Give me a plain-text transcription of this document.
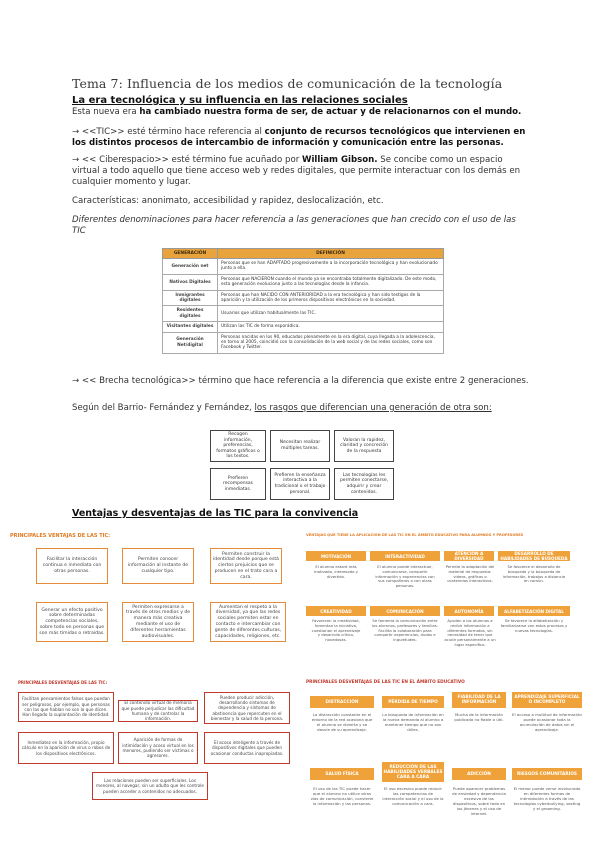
Tema 7: Influencia de los medios de comunicación de la tecnología
La era tecnológica y su influencia en las relaciones sociales
Esta nueva era ha cambiado nuestra forma de ser, de actuar y de relacionarnos con el mundo.
→ <<TIC>> esté término hace referencia al conjunto de recursos tecnológicos que intervienen en los distintos procesos de intercambio de información y comunicación entre las personas.
→ << Ciberespacio>> esté término fue acuñado por William Gibson. Se concibe como un espacio virtual a todo aquello que tiene acceso web y redes digitales, que permite interactuar con los demás en cualquier momento y lugar.
Características: anonimato, accesibilidad y rapidez, deslocalización, etc.
Diferentes denominaciones para hacer referencia a las generaciones que han crecido con el uso de las TIC
GENERACIÓN	DEFINICIÓN
Generación net	Personas que se han ADAPTADO progresivamente a la incorporación tecnológica y han evolucionado junto a ella.
Nativos Digitales	Personas que NACIERON cuando el mundo ya se encontraba totalmente digitalizado. De este modo, esta generación evoluciona junto a las tecnologías desde la infancia.
Inmigrantes digitales	Personas que han NACIDO CON ANTERIORIDAD a la era tecnológica y han sido testigos de la aparición y la utilización de los primeros dispositivos electrónicos en la sociedad.
Residentes digitales	Usuarios que utilizan habitualmente las TIC.
Visitantes digitales	Utilizan las TIC de forma esporádica.
Generación Net/digital	Personas nacidas en los 90, educados plenamente en la era digital, cuya llegada a la adolescencia, en torno al 2005, coincidió con la consolidación de la web social y de las redes sociales, como son Facebook y Twitter.
→ << Brecha tecnológica>> término que hace referencia a la diferencia que existe entre 2 generaciones.
Según del Barrio- Fernández y Fernández, los rasgos que diferencian una generación de otra son:
Recogen información, preferencias, formatos gráficos o los textos.
Necesitan realizar múltiples tareas.
Valoran la rapidez, claridad y concreción de la respuesta
Prefieren recompensas inmediatas.
Prefieren la enseñanza interactiva a la tradicional o el trabajo personal.
Las tecnologías les permiten conectarse, adquirir y crear contenidos.
Ventajas y desventajas de las TIC para la convivencia
PRINCIPALES VENTAJAS DE LAS TIC:
Facilitar la interacción continua e inmediata con otras personas.
Permiten conocer información al instante de cualquier tipo.
Permiten construir la identidad desde porque está ciertos prejuicios que se producen en el trato cara a cara.
Generar un efecto positivo sobre determinadas competencias sociales, sobre todo en personas que son más tímidas o retraídas.
Permiten expresarse a través de otros medios y de manera más creativa mediante el uso de diferentes herramientas audiovisuales.
Aumentan el respeto a la diversidad, ya que las redes sociales permiten estar en contacto e intercambiar con gente de diferentes culturas, capacidades, religiones, etc.
VENTAJAS QUE TIENE LA APLICACIÓN DE LAS TIC EN EL ÁMBITO EDUCATIVO PARA ALUMNOS Y PROFESORES
MOTIVACIÓN	INTERACTIVIDAD	ATENCIÓN A DIVERSIDAD
DESARROLLO DE HABILIDADES DE BÚSQUEDA
El alumno estará más motivado, interesado y divertido.
El alumno puede interactuar, comunicarse, compartir información y experiencias con sus compañeros o con otras personas.
Permite la adaptación del material de respuesta: videos, gráficos o contenidos interactivos.
Se favorece el desarrollo de búsqueda y la búsqueda de información, trabajos a distancia en común.
CREATIVIDAD	COMUNICACIÓN	AUTONOMÍA	ALFABETIZACIÓN DIGITAL
Favorecen la creatividad, fomentan la iniciativa, cuestionan el aprendizaje y desarrollo crítico, novedosas.
Se fomenta la comunicación entre los alumnos, profesores y familias. Facilita la colaboración para compartir experiencias, dudas e inquietudes.
Ayudan a los alumnos a recibir información a diferentes formatos, sin necesidad de tener que acudir personalmente a un lugar específico.
Se favorece la alfabetización y familiarizarse con estos procesos y nuevas tecnologías.
PRINCIPALES DESVENTAJAS DE LAS TIC:
Facilitan pensamientos falsos que puedan ser peligrosos, por ejemplo, que personas con las que hablan no son lo que dicen. Han llegado la suplantación de identidad.
El contenido virtual de memoria que puede perjudicar las dificultad humana y de controlar la información.
Pueden producir adicción, desarrollando síntomas de dependencia y síntomas de abstinencia que repercuten en el bienestar y la salud de la persona.
Inmediatez en la información, propio cálculo en la aparición de virus o robos de los dispositivos electrónicos.
Aparición de formas de intimidación y acoso virtual en los menores, pudiendo ser víctimas o agresores.
El acoso inteligente a través de dispositivos digitales que pueden ocasionar conductas inapropiadas.
Las relaciones pueden ser superficiales. Los menores, al navegar, sin un adulto que les controle pueden acceder a contenidos no adecuados.
PRINCIPALES DESVENTAJAS DE LAS TIC EN EL ÁMBITO EDUCATIVO
DISTRACCIÓN	PÉRDIDA DE TIEMPO
FIABILIDAD DE LA INFORMACIÓN
APRENDIZAJE SUPERFICIAL O INCOMPLETO
La distracción constante en el entorno de la red ocasiona que el alumno se divierta y se desvíe de su aprendizaje.
La búsqueda de información en la nueva demanda al alumno a mantener tiempo que no son útiles.
Mucha de la información publicada no fiable o útil.
El acceso a multitud de información puede ocasionar toda la acumulación de datos sin el aprendizaje.
SALUD FÍSICA
REDUCCIÓN DE LAS HABILIDADES VERBALES CARA A CARA
ADICCIÓN	RIESGOS COMUNITARIOS
El uso de las TIC puede hacer que el alumno no utilice otras vías de comunicación, convierte la información y las personas.
El uso excesivo puede reducir las competencias de interacción social y el uso de la comunicación a cara.
Puede aparecer problemas de ansiedad y dependencia excesiva de los dispositivos, sobre todo en los jóvenes y el uso de internet.
El menor puede verse involucrado en diferentes formas de intimidación a través de las tecnologías cyberbullying, sexting y el grooming.
